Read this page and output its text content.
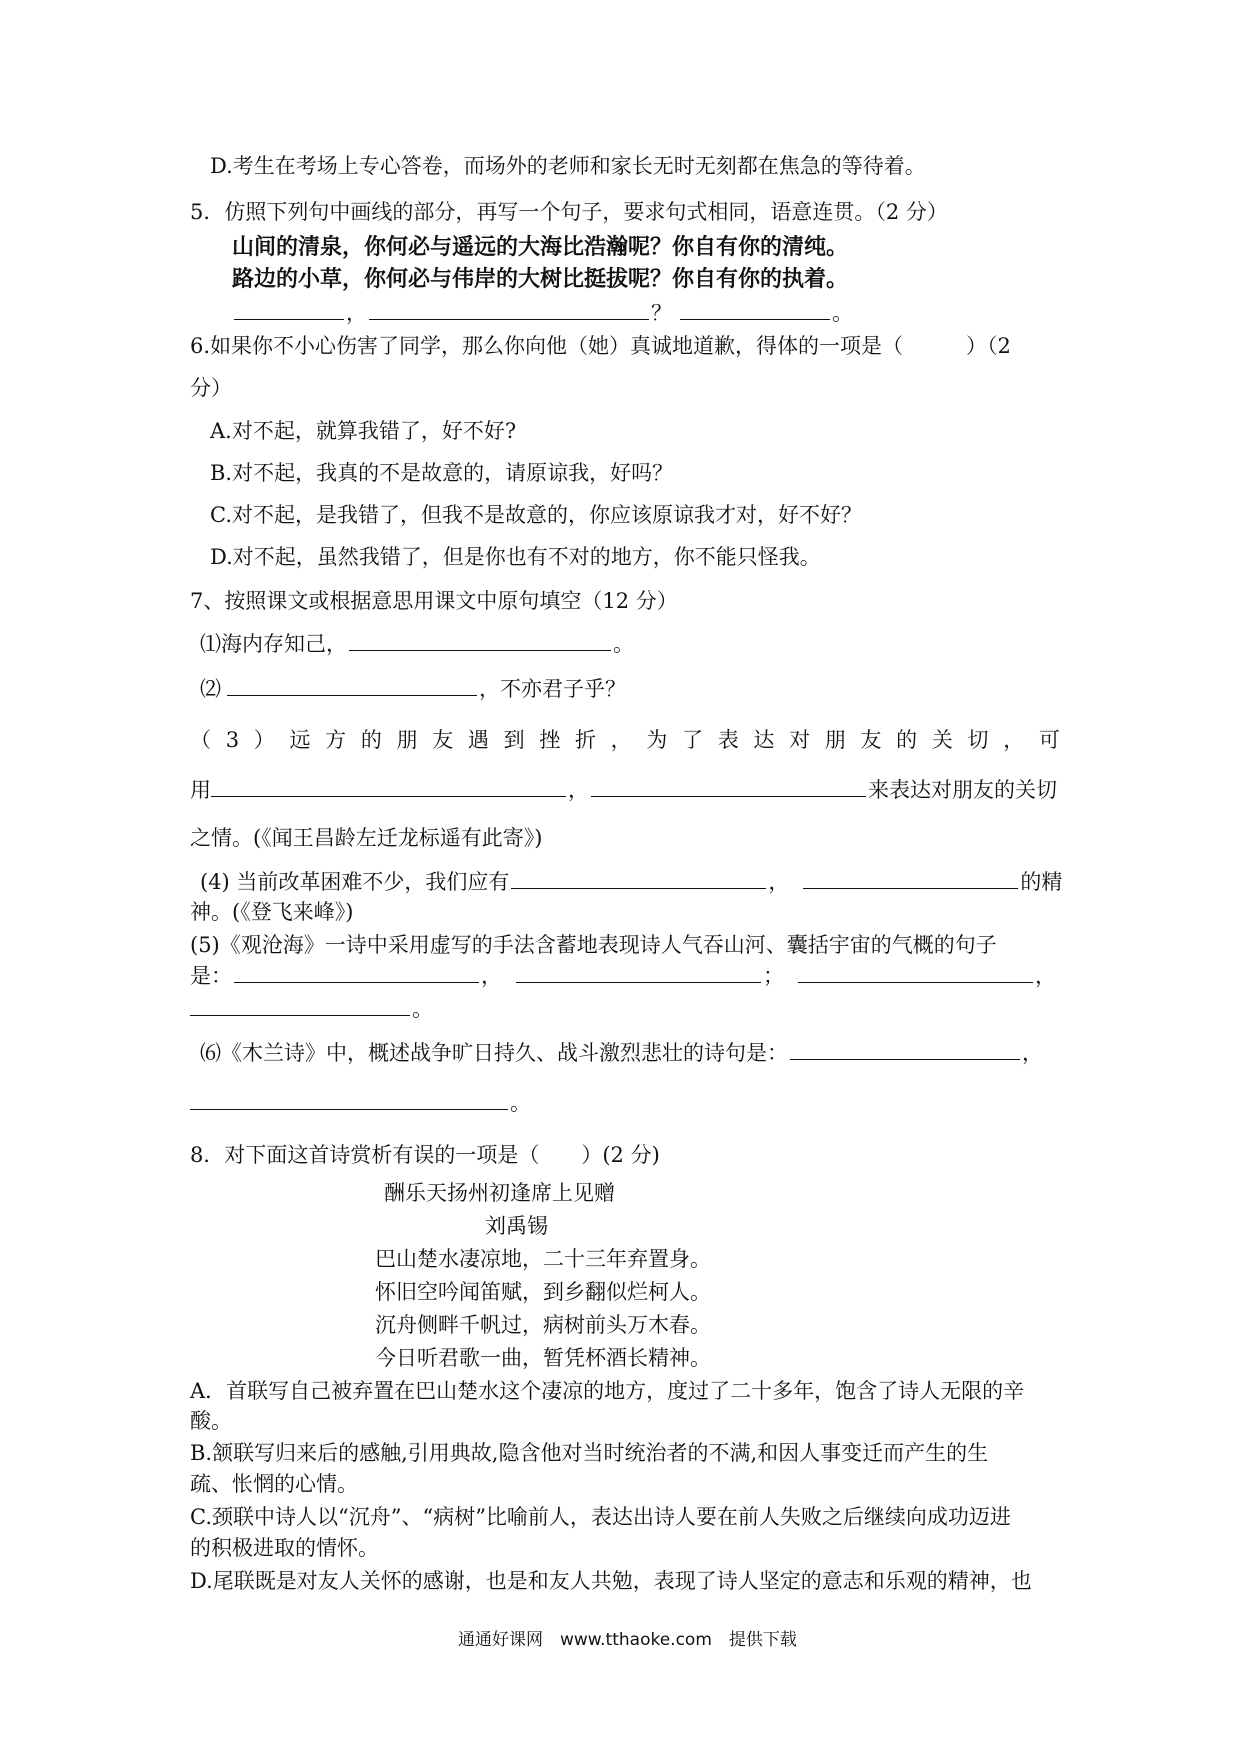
D.考生在考场上专心答卷，而场外的老师和家长无时无刻都在焦急的等待着。
5．仿照下列句中画线的部分，再写一个句子，要求句式相同，语意连贯。（2 分）
山间的清泉，你何必与遥远的大海比浩瀚呢？你自有你的清纯。
路边的小草，你何必与伟岸的大树比挺拔呢？你自有你的执着。
，	？	。
6.如果你不小心伤害了同学，那么你向他（她）真诚地道歉，得体的一项是（　　　）（2
分）
A.对不起，就算我错了，好不好?
B.对不起，我真的不是故意的，请原谅我，好吗？
C.对不起，是我错了，但我不是故意的，你应该原谅我才对，好不好？
D.对不起，虽然我错了，但是你也有不对的地方，你不能只怪我。
7、按照课文或根据意思用课文中原句填空（12 分）
⑴海内存知己，	。
⑵	，不亦君子乎？
（ 3 ） 远 方 的 朋 友 遇 到 挫 折 ， 为 了 表 达 对 朋 友 的 关 切 ， 可
用	，	来表达对朋友的关切
之情。(《闻王昌龄左迁龙标遥有此寄》)
(4) 当前改革困难不少，我们应有	，	的精
神。(《登飞来峰》)
(5)《观沧海》一诗中采用虚写的手法含蓄地表现诗人气吞山河、囊括宇宙的气概的句子
是：	，	；	，
。
⑹《木兰诗》中，概述战争旷日持久、战斗激烈悲壮的诗句是：	，
。
8．对下面这首诗赏析有误的一项是（　　）(2 分)
酬乐天扬州初逢席上见赠
刘禹锡
巴山楚水凄凉地，二十三年弃置身。
怀旧空吟闻笛赋，到乡翻似烂柯人。
沉舟侧畔千帆过，病树前头万木春。
今日听君歌一曲，暂凭杯酒长精神。
A．首联写自己被弃置在巴山楚水这个凄凉的地方，度过了二十多年，饱含了诗人无限的辛
酸。
B.颔联写归来后的感触,引用典故,隐含他对当时统治者的不满,和因人事变迁而产生的生
疏、怅惘的心情。
C.颈联中诗人以“沉舟”、“病树”比喻前人，表达出诗人要在前人失败之后继续向成功迈进
的积极进取的情怀。
D.尾联既是对友人关怀的感谢，也是和友人共勉，表现了诗人坚定的意志和乐观的精神，也
通通好课网　www.tthaoke.com　提供下载
